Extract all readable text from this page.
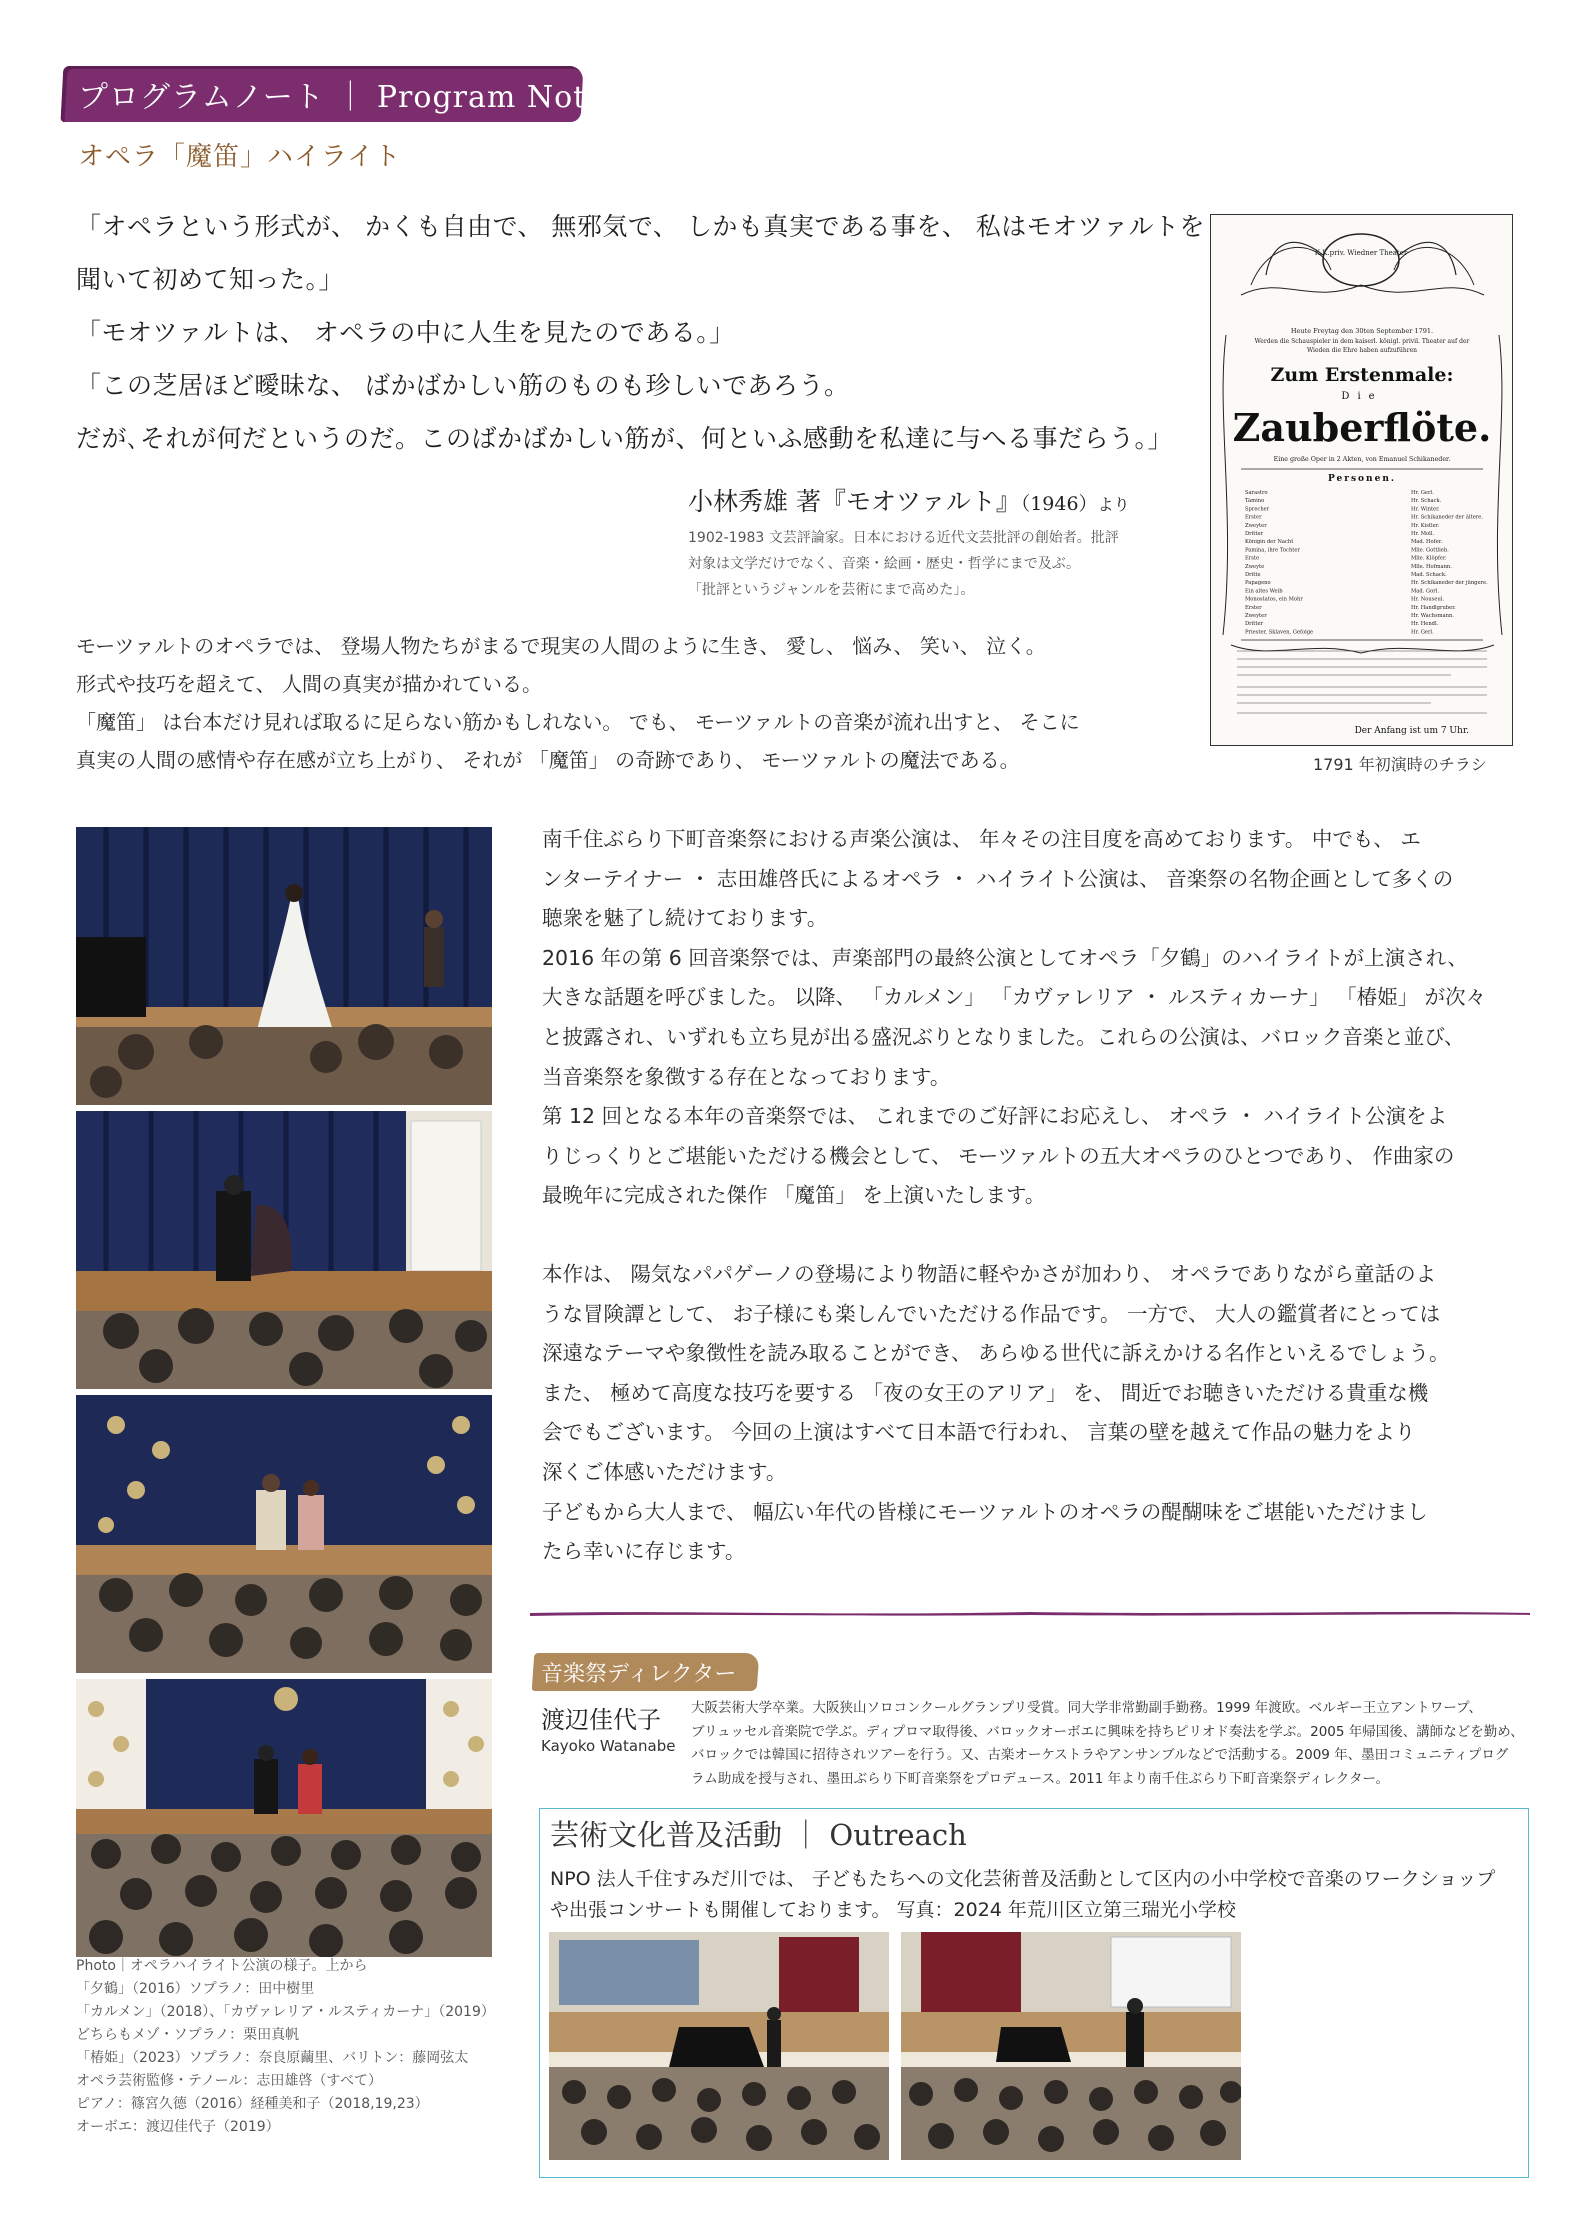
プログラムノート ｜ Program Note
オペラ「魔笛」ハイライト
「オペラという形式が、 かくも自由で、 無邪気で、 しかも真実である事を、 私はモオツァルトを
聞いて初めて知った。」
「モオツァルトは、 オペラの中に人生を見たのである。」
「この芝居ほど曖昧な、 ばかばかしい筋のものも珍しいであろう。
だが､それが何だというのだ。このばかばかしい筋が、何といふ感動を私達に与へる事だらう。」
小林秀雄 著『モオツァルト』（1946）より
1902-1983 文芸評論家。日本における近代文芸批評の創始者。批評
対象は文学だけでなく、音楽・絵画・歴史・哲学にまで及ぶ。
「批評というジャンルを芸術にまで高めた」。
K.K.priv. Wiedner Theater
Heute Freytag den 30ten September 1791.
Werden die Schauspieler in dem kaiserl. königl. privil. Theater auf der
Wieden die Ehre haben aufzuführen
Zum Erstenmale:
Die
Zauberflöte.
Eine große Oper in 2 Akten, von Emanuel Schikaneder.
Personen.
Sarastro	Hr. Gerl.
Tamino	Hr. Schack.
Sprecher	Hr. Winter.
Erster	Hr. Schikaneder der ältere.
Zweyter	Hr. Kistler.
Dritter	Hr. Moll.
Königin der Nacht	Mad. Hofer.
Pamina, ihre Tochter	Mlle. Gottlieb.
Erste	Mlle. Klöpfer.
Zweyte	Mlle. Hofmann.
Dritte	Mad. Schack.
Papageno	Hr. Schikaneder der jüngere.
Ein altes Weib	Mad. Gorl.
Monostatos, ein Mohr	Hr. Nouseul.
Erster	Hr. Handlgruber.
Zweyter	Hr. Wachsmann.
Dritter	Hr. Hendl.
Priester, Sklaven, Gefolge	Hr. Gerl.
Der Anfang ist um 7 Uhr.
1791 年初演時のチラシ
モーツァルトのオペラでは、 登場人物たちがまるで現実の人間のように生き、 愛し、 悩み、 笑い、 泣く。
形式や技巧を超えて、 人間の真実が描かれている。
「魔笛」 は台本だけ見れば取るに足らない筋かもしれない。 でも、 モーツァルトの音楽が流れ出すと、 そこに
真実の人間の感情や存在感が立ち上がり、 それが 「魔笛」 の奇跡であり、 モーツァルトの魔法である。
Photo｜オペラハイライト公演の様子。上から
「夕鶴」（2016）ソプラノ：田中樹里
「カルメン」（2018）、「カヴァレリア・ルスティカーナ」（2019）
どちらもメゾ・ソプラノ：栗田真帆
「椿姫」（2023）ソプラノ：奈良原繭里、バリトン：藤岡弦太
オペラ芸術監修・テノール：志田雄啓（すべて）
ピアノ：篠宮久德（2016）経種美和子（2018,19,23）
オーボエ：渡辺佳代子（2019）
南千住ぶらり下町音楽祭における声楽公演は、 年々その注目度を高めております。 中でも、 エ
ンターテイナー ・ 志田雄啓氏によるオペラ ・ ハイライト公演は、 音楽祭の名物企画として多くの
聴衆を魅了し続けております。
2016 年の第 6 回音楽祭では、声楽部門の最終公演としてオペラ「夕鶴」のハイライトが上演され、
大きな話題を呼びました。 以降、 「カルメン」 「カヴァレリア ・ ルスティカーナ」 「椿姫」 が次々
と披露され、いずれも立ち見が出る盛況ぶりとなりました。これらの公演は、バロック音楽と並び、
当音楽祭を象徴する存在となっております。
第 12 回となる本年の音楽祭では、 これまでのご好評にお応えし、 オペラ ・ ハイライト公演をよ
りじっくりとご堪能いただける機会として、 モーツァルトの五大オペラのひとつであり、 作曲家の
最晩年に完成された傑作 「魔笛」 を上演いたします。
本作は、 陽気なパパゲーノの登場により物語に軽やかさが加わり、 オペラでありながら童話のよ
うな冒険譚として、 お子様にも楽しんでいただける作品です。 一方で、 大人の鑑賞者にとっては
深遠なテーマや象徴性を読み取ることができ、 あらゆる世代に訴えかける名作といえるでしょう。
また、 極めて高度な技巧を要する 「夜の女王のアリア」 を、 間近でお聴きいただける貴重な機
会でもございます。 今回の上演はすべて日本語で行われ、 言葉の壁を越えて作品の魅力をより
深くご体感いただけます。
子どもから大人まで、 幅広い年代の皆様にモーツァルトのオペラの醍醐味をご堪能いただけまし
たら幸いに存じます。
音楽祭ディレクター
渡辺佳代子
Kayoko Watanabe
大阪芸術大学卒業。大阪狭山ソロコンクールグランプリ受賞。同大学非常勤副手勤務。1999 年渡欧。ベルギー王立アントワープ、
ブリュッセル音楽院で学ぶ。ディプロマ取得後、バロックオーボエに興味を持ちピリオド奏法を学ぶ。2005 年帰国後、講師などを勤め、
バロックでは韓国に招待されツアーを行う。又、古楽オーケストラやアンサンブルなどで活動する。2009 年、墨田コミュニティプログ
ラム助成を授与され、墨田ぶらり下町音楽祭をプロデュース。2011 年より南千住ぶらり下町音楽祭ディレクター。
芸術文化普及活動 ｜ Outreach
NPO 法人千住すみだ川では、 子どもたちへの文化芸術普及活動として区内の小中学校で音楽のワークショップ
や出張コンサートも開催しております。 写真：2024 年荒川区立第三瑞光小学校
